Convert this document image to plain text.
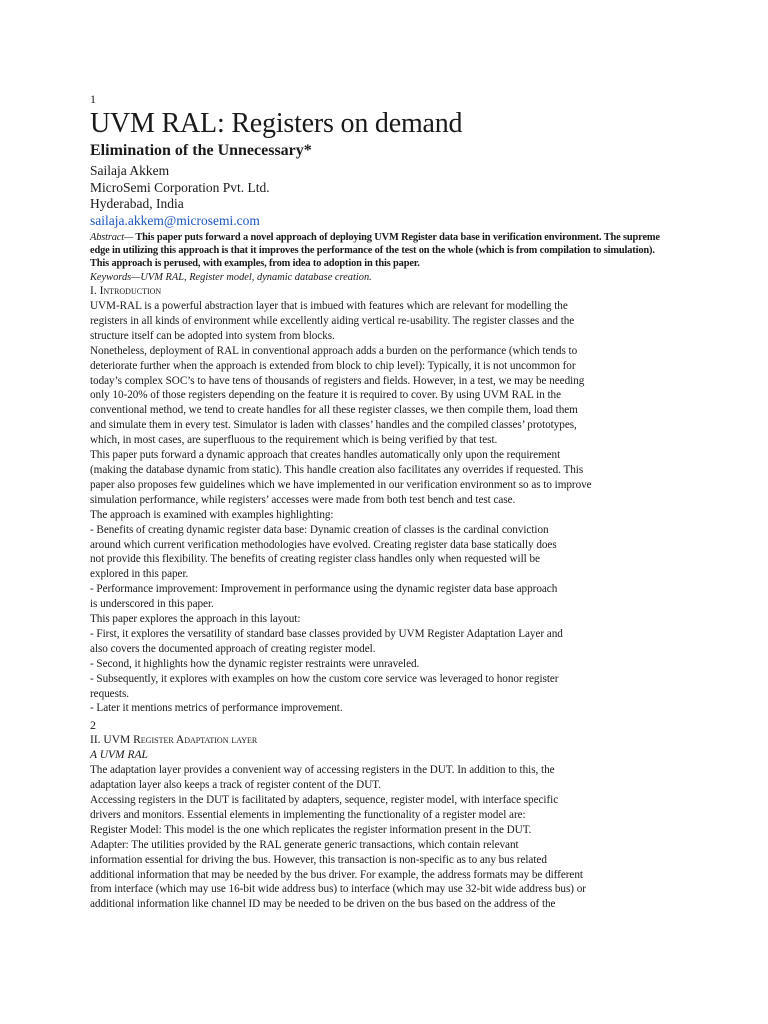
1
UVM RAL: Registers on demand
Elimination of the Unnecessary*
Sailaja Akkem
MicroSemi Corporation Pvt. Ltd.
Hyderabad, India
sailaja.akkem@microsemi.com
Abstract— This paper puts forward a novel approach of deploying UVM Register data base in verification environment. The supreme edge in utilizing this approach is that it improves the performance of the test on the whole (which is from compilation to simulation). This approach is perused, with examples, from idea to adoption in this paper.
Keywords—UVM RAL, Register model, dynamic database creation.
I. Introduction
UVM-RAL is a powerful abstraction layer that is imbued with features which are relevant for modelling the
registers in all kinds of environment while excellently aiding vertical re-usability. The register classes and the
structure itself can be adopted into system from blocks.
Nonetheless, deployment of RAL in conventional approach adds a burden on the performance (which tends to
deteriorate further when the approach is extended from block to chip level): Typically, it is not uncommon for
today’s complex SOC’s to have tens of thousands of registers and fields. However, in a test, we may be needing
only 10-20% of those registers depending on the feature it is required to cover. By using UVM RAL in the
conventional method, we tend to create handles for all these register classes, we then compile them, load them
and simulate them in every test. Simulator is laden with classes’ handles and the compiled classes’ prototypes,
which, in most cases, are superfluous to the requirement which is being verified by that test.
This paper puts forward a dynamic approach that creates handles automatically only upon the requirement
(making the database dynamic from static). This handle creation also facilitates any overrides if requested. This
paper also proposes few guidelines which we have implemented in our verification environment so as to improve
simulation performance, while registers’ accesses were made from both test bench and test case.
The approach is examined with examples highlighting:
- Benefits of creating dynamic register data base: Dynamic creation of classes is the cardinal conviction
around which current verification methodologies have evolved. Creating register data base statically does
not provide this flexibility. The benefits of creating register class handles only when requested will be
explored in this paper.
- Performance improvement: Improvement in performance using the dynamic register data base approach
is underscored in this paper.
This paper explores the approach in this layout:
- First, it explores the versatility of standard base classes provided by UVM Register Adaptation Layer and
also covers the documented approach of creating register model.
- Second, it highlights how the dynamic register restraints were unraveled.
- Subsequently, it explores with examples on how the custom core service was leveraged to honor register
requests.
- Later it mentions metrics of performance improvement.
2
II. UVM Register Adaptation layer
A UVM RAL
The adaptation layer provides a convenient way of accessing registers in the DUT. In addition to this, the
adaptation layer also keeps a track of register content of the DUT.
Accessing registers in the DUT is facilitated by adapters, sequence, register model, with interface specific
drivers and monitors. Essential elements in implementing the functionality of a register model are:
Register Model: This model is the one which replicates the register information present in the DUT.
Adapter: The utilities provided by the RAL generate generic transactions, which contain relevant
information essential for driving the bus. However, this transaction is non-specific as to any bus related
additional information that may be needed by the bus driver. For example, the address formats may be different
from interface (which may use 16-bit wide address bus) to interface (which may use 32-bit wide address bus) or
additional information like channel ID may be needed to be driven on the bus based on the address of the
